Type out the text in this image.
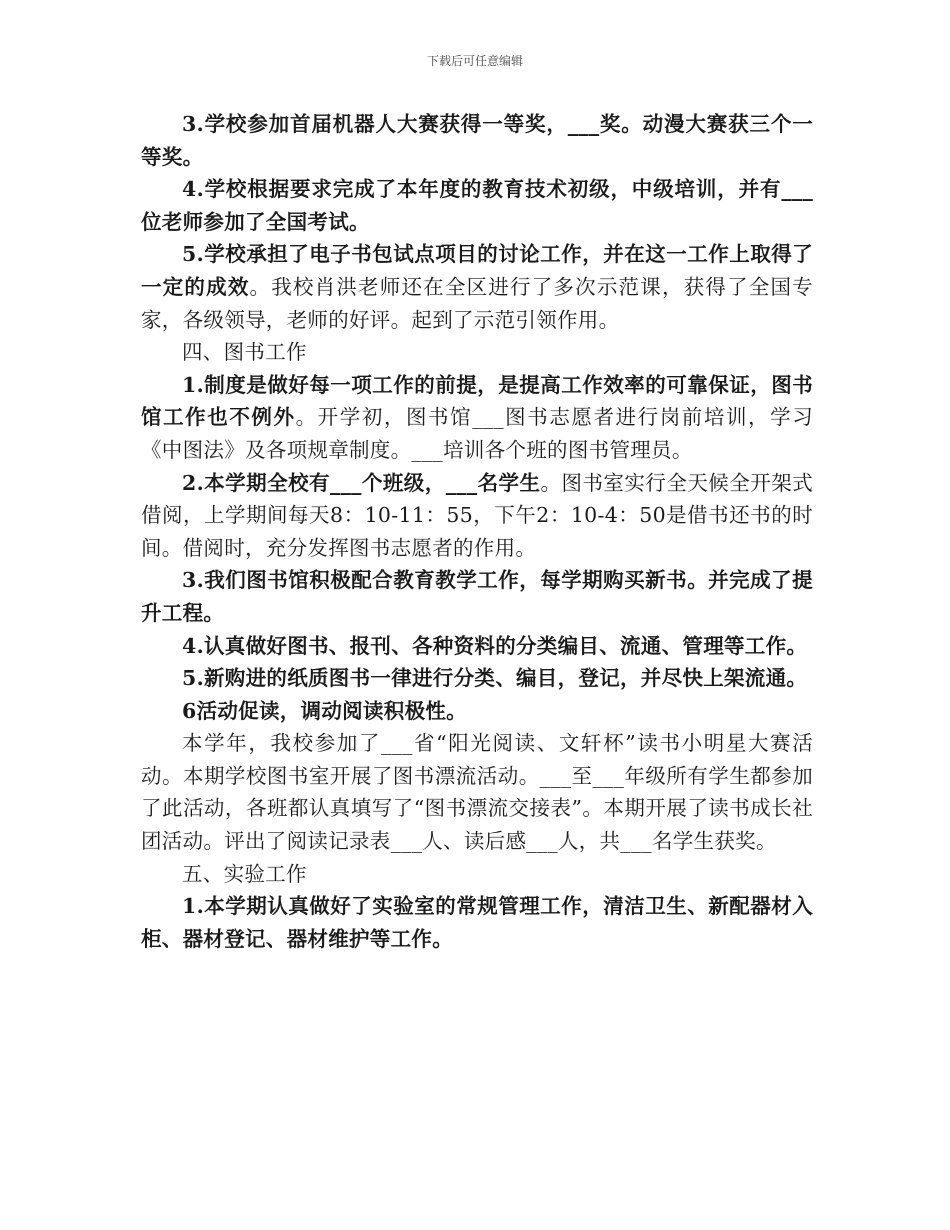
下载后可任意编辑

3.学校参加首届机器人大赛获得一等奖，___奖。动漫大赛获三个一等奖。

4.学校根据要求完成了本年度的教育技术初级，中级培训，并有___位老师参加了全国考试。

5.学校承担了电子书包试点项目的讨论工作，并在这一工作上取得了一定的成效。我校肖洪老师还在全区进行了多次示范课，获得了全国专家，各级领导，老师的好评。起到了示范引领作用。

四、图书工作

1.制度是做好每一项工作的前提，是提高工作效率的可靠保证，图书馆工作也不例外。开学初，图书馆___图书志愿者进行岗前培训，学习《中图法》及各项规章制度。___培训各个班的图书管理员。

2.本学期全校有___个班级，___名学生。图书室实行全天候全开架式借阅，上学期间每天8：10-11：55，下午2：10-4：50是借书还书的时间。借阅时，充分发挥图书志愿者的作用。

3.我们图书馆积极配合教育教学工作，每学期购买新书。并完成了提升工程。

4.认真做好图书、报刊、各种资料的分类编目、流通、管理等工作。

5.新购进的纸质图书一律进行分类、编目，登记，并尽快上架流通。

6活动促读，调动阅读积极性。

本学年，我校参加了___省“阳光阅读、文轩杯”读书小明星大赛活动。本期学校图书室开展了图书漂流活动。___至___年级所有学生都参加了此活动，各班都认真填写了“图书漂流交接表”。本期开展了读书成长社团活动。评出了阅读记录表___人、读后感___人，共___名学生获奖。

五、实验工作

1.本学期认真做好了实验室的常规管理工作，清洁卫生、新配器材入柜、器材登记、器材维护等工作。
